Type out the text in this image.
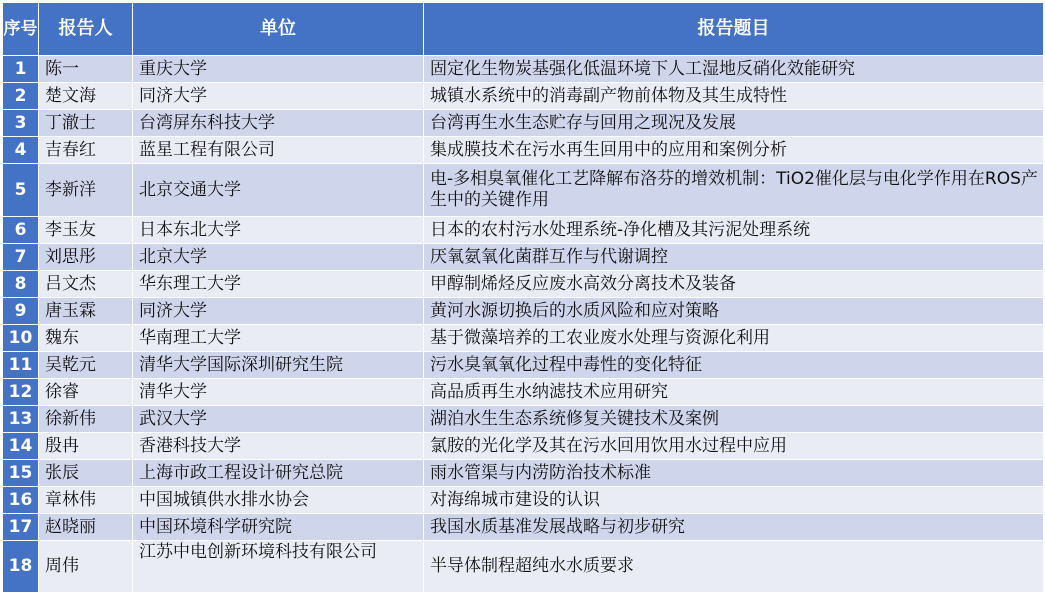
序号	报告人	单位	报告题目
1	陈一	重庆大学	固定化生物炭基强化低温环境下人工湿地反硝化效能研究
2	楚文海	同济大学	城镇水系统中的消毒副产物前体物及其生成特性
3	丁澈士	台湾屏东科技大学	台湾再生水生态贮存与回用之现况及发展
4	吉春红	蓝星工程有限公司	集成膜技术在污水再生回用中的应用和案例分析
5	李新洋	北京交通大学	电-多相臭氧催化工艺降解布洛芬的增效机制：TiO2催化层与电化学作用在ROS产生中的关键作用
6	李玉友	日本东北大学	日本的农村污水处理系统-净化槽及其污泥处理系统
7	刘思彤	北京大学	厌氧氨氧化菌群互作与代谢调控
8	吕文杰	华东理工大学	甲醇制烯烃反应废水高效分离技术及装备
9	唐玉霖	同济大学	黄河水源切换后的水质风险和应对策略
10	魏东	华南理工大学	基于微藻培养的工农业废水处理与资源化利用
11	吴乾元	清华大学国际深圳研究生院	污水臭氧氧化过程中毒性的变化特征
12	徐睿	清华大学	高品质再生水纳滤技术应用研究
13	徐新伟	武汉大学	湖泊水生生态系统修复关键技术及案例
14	殷冉	香港科技大学	氯胺的光化学及其在污水回用饮用水过程中应用
15	张辰	上海市政工程设计研究总院	雨水管渠与内涝防治技术标准
16	章林伟	中国城镇供水排水协会	对海绵城市建设的认识
17	赵晓丽	中国环境科学研究院	我国水质基准发展战略与初步研究
18	周伟	江苏中电创新环境科技有限公司	半导体制程超纯水水质要求
